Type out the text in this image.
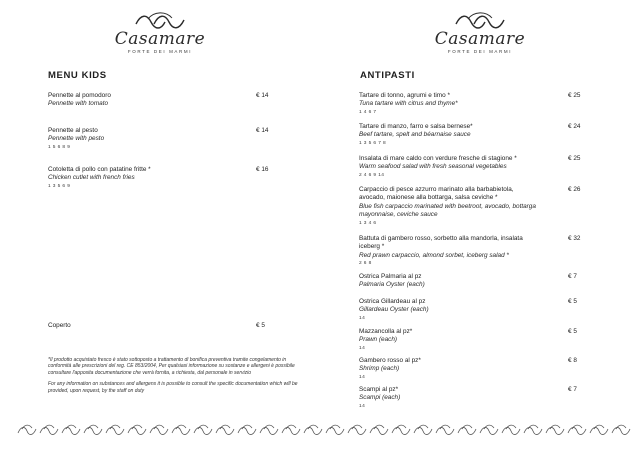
Casamare
FORTE DEI MARMI
MENU KIDS
Pennette al pomodoro
Pennette with tomato
€ 14
Pennette al pesto
Pennette with pesto
1 5 6 8 9
€ 14
Cotoletta di pollo con patatine fritte *
Chicken cutlet with french fries
1 3 5 6 9
€ 16
Coperto	€ 5

*Il prodotto acquistato fresco è stato sottoposto a trattamento di bonifica preventiva tramite congelamento in conformità alle prescrizioni del reg. CE 853/2004, Per qualsiasi informazione su sostanze e allergeni è possibile consultare l'apposita documentazione che verrà fornita, a richiesta, dal personale in servizio

For any information on substances and allergens it is possible to consult the specific documentation which will be provided, upon request, by the staff on duty

Casamare
FORTE DEI MARMI
ANTIPASTI
Tartare di tonno, agrumi e timo *
Tuna tartare with citrus and thyme*
1 4 6 7
€ 25
Tartare di manzo, farro e salsa bernese*
Beef tartare, spelt and béarnaise sauce
1 3 5 6 7 8
€ 24
Insalata di mare caldo con verdure fresche di stagione *
Warm seafood salad with fresh seasonal vegetables
2 4 6 9 14
€ 25
Carpaccio di pesce azzurro marinato alla barbabietola, avocado, maionese alla bottarga, salsa ceviche *
Blue fish carpaccio marinated with beetroot, avocado, bottarga mayonnaise, ceviche sauce
1 3 4 6
€ 26
Battuta di gambero rosso, sorbetto alla mandorla, insalata iceberg *
Red prawn carpaccio, almond sorbet, iceberg salad *
2 6 8
€ 32
Ostrica Palmaria al pz
Palmaria Oyster (each)
€ 7
Ostrica Gillardeau al pz
Gillardeau Oyster (each)
14
€ 5
Mazzancolla al pz*
Prawn (each)
14
€ 5
Gambero rosso al pz*
Shrimp (each)
14
€ 8
Scampi al pz*
Scampi (each)
14
€ 7
